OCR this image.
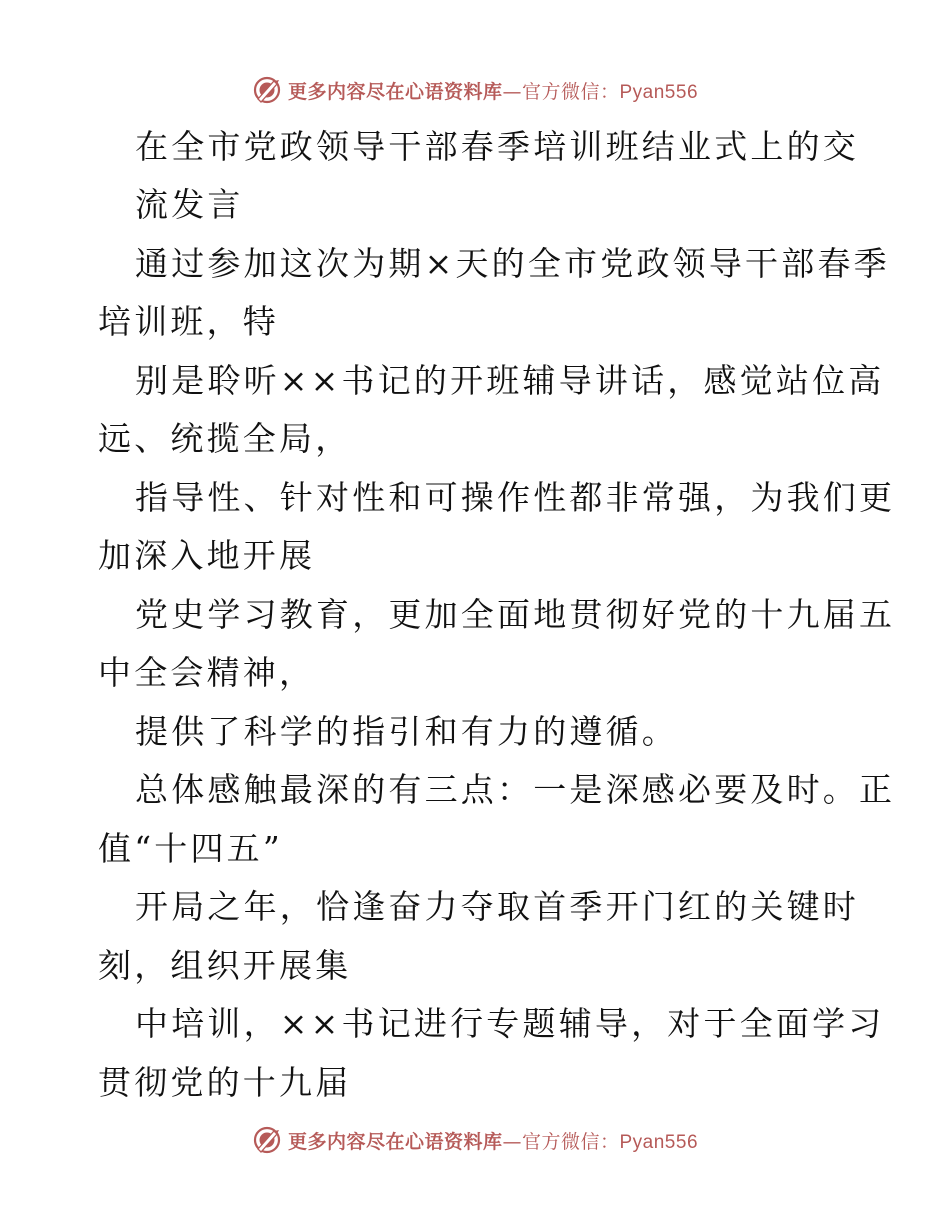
更多内容尽在心语资料库—官方微信：Pyan556
在全市党政领导干部春季培训班结业式上的交
流发言
通过参加这次为期×天的全市党政领导干部春季
培训班，特
别是聆听××书记的开班辅导讲话，感觉站位高
远、统揽全局，
指导性、针对性和可操作性都非常强，为我们更
加深入地开展
党史学习教育，更加全面地贯彻好党的十九届五
中全会精神，
提供了科学的指引和有力的遵循。
总体感触最深的有三点：一是深感必要及时。正
值“十四五”
开局之年，恰逢奋力夺取首季开门红的关键时
刻，组织开展集
中培训，××书记进行专题辅导，对于全面学习
贯彻党的十九届
更多内容尽在心语资料库—官方微信：Pyan556
